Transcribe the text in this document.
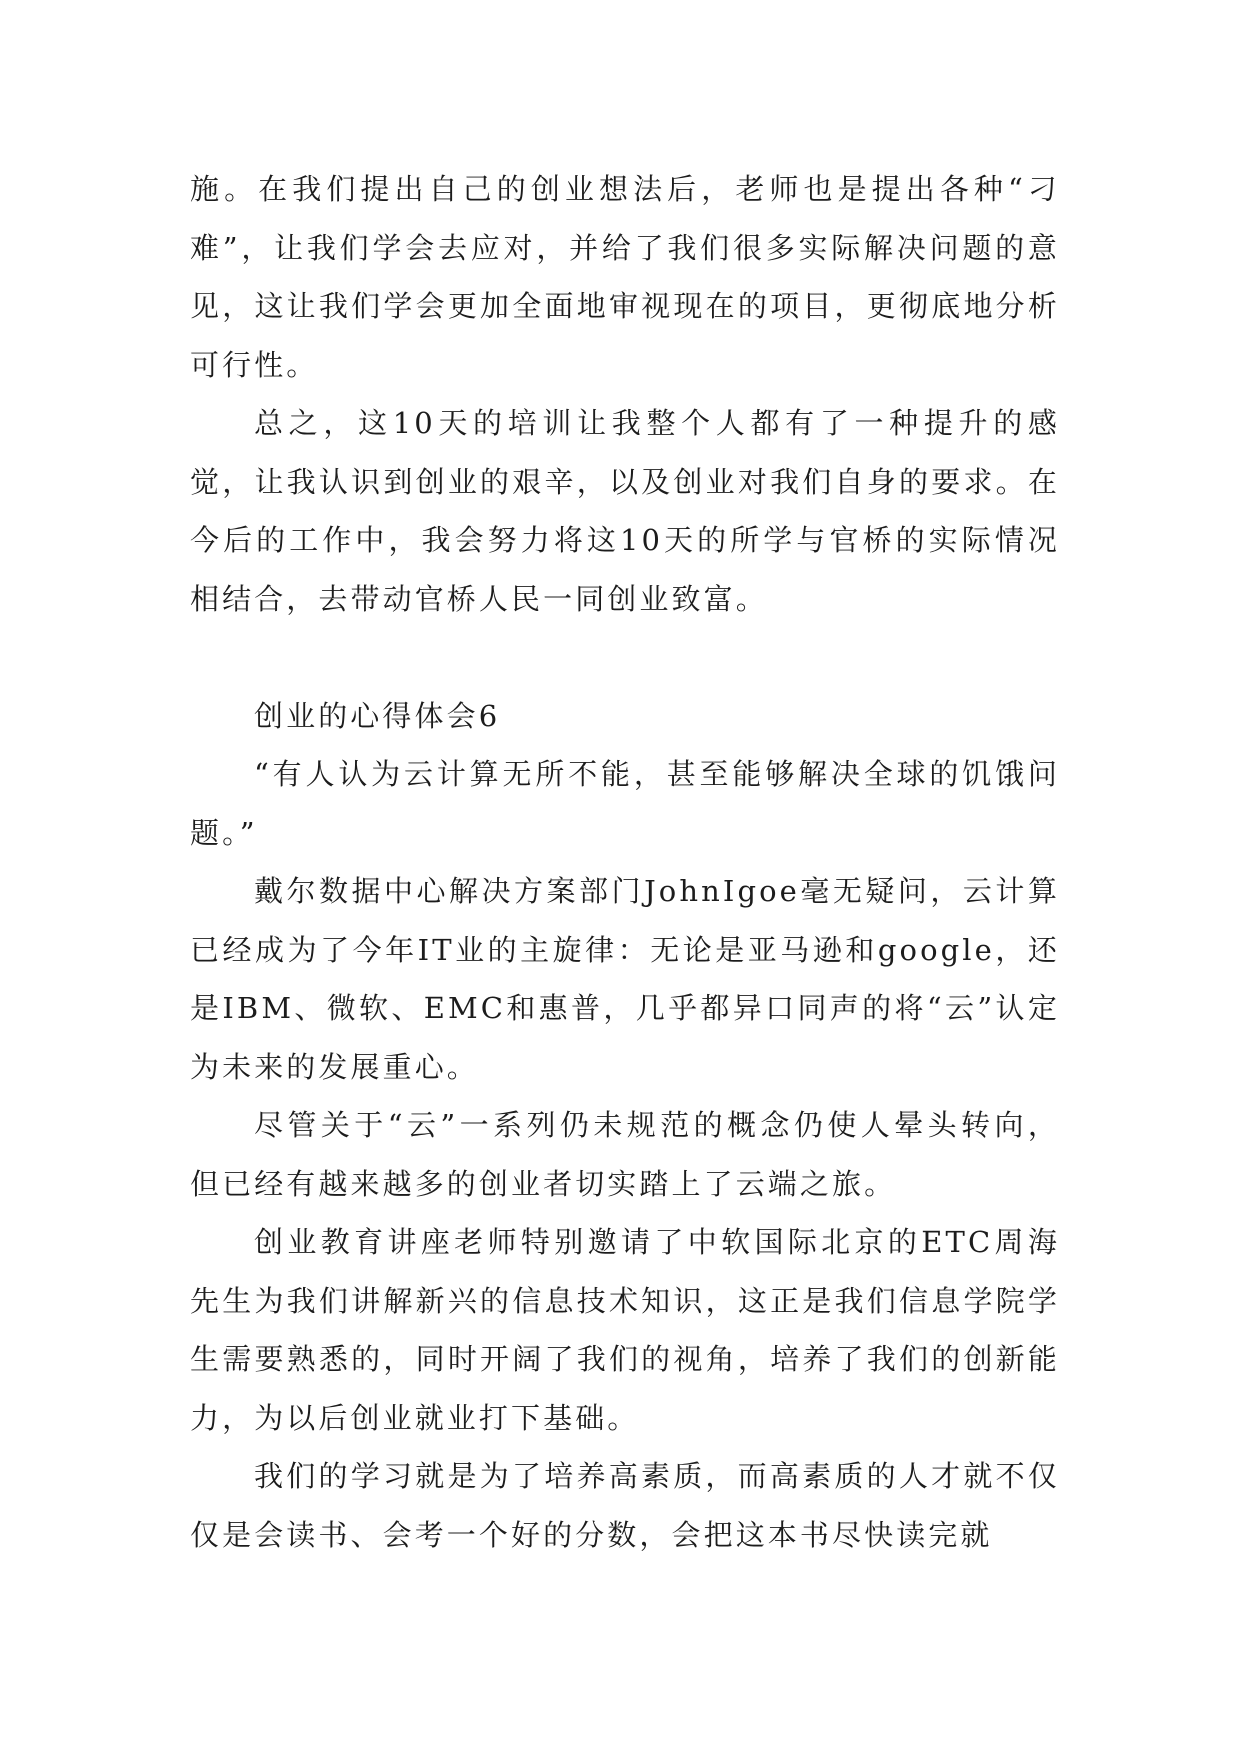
施。在我们提出自己的创业想法后，老师也是提出各种“刁难”，让我们学会去应对，并给了我们很多实际解决问题的意见，这让我们学会更加全面地审视现在的项目，更彻底地分析可行性。

总之，这10天的培训让我整个人都有了一种提升的感觉，让我认识到创业的艰辛，以及创业对我们自身的要求。在今后的工作中，我会努力将这10天的所学与官桥的实际情况相结合，去带动官桥人民一同创业致富。

创业的心得体会6

“有人认为云计算无所不能，甚至能够解决全球的饥饿问题。”

戴尔数据中心解决方案部门JohnIgoe毫无疑问，云计算已经成为了今年IT业的主旋律：无论是亚马逊和google，还是IBM、微软、EMC和惠普，几乎都异口同声的将“云”认定为未来的发展重心。

尽管关于“云”一系列仍未规范的概念仍使人晕头转向，但已经有越来越多的创业者切实踏上了云端之旅。

创业教育讲座老师特别邀请了中软国际北京的ETC周海先生为我们讲解新兴的信息技术知识，这正是我们信息学院学生需要熟悉的，同时开阔了我们的视角，培养了我们的创新能力，为以后创业就业打下基础。

我们的学习就是为了培养高素质，而高素质的人才就不仅仅是会读书、会考一个好的分数，会把这本书尽快读完就
